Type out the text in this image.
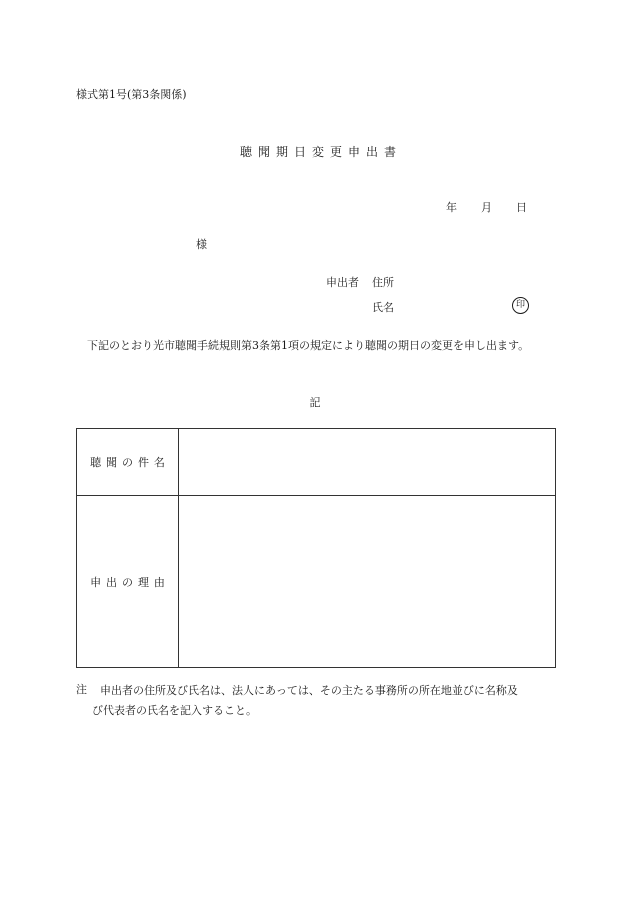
様式第1号(第3条関係)
聴聞期日変更申出書
年 月 日
様
申出者 住所
氏名	印
下記のとおり光市聴聞手続規則第3条第1項の規定により聴聞の期日の変更を申し出ます。
記
聴聞の件名
申出の理由
注 申出者の住所及び氏名は、法人にあっては、その主たる事務所の所在地並びに名称及
び代表者の氏名を記入すること。
